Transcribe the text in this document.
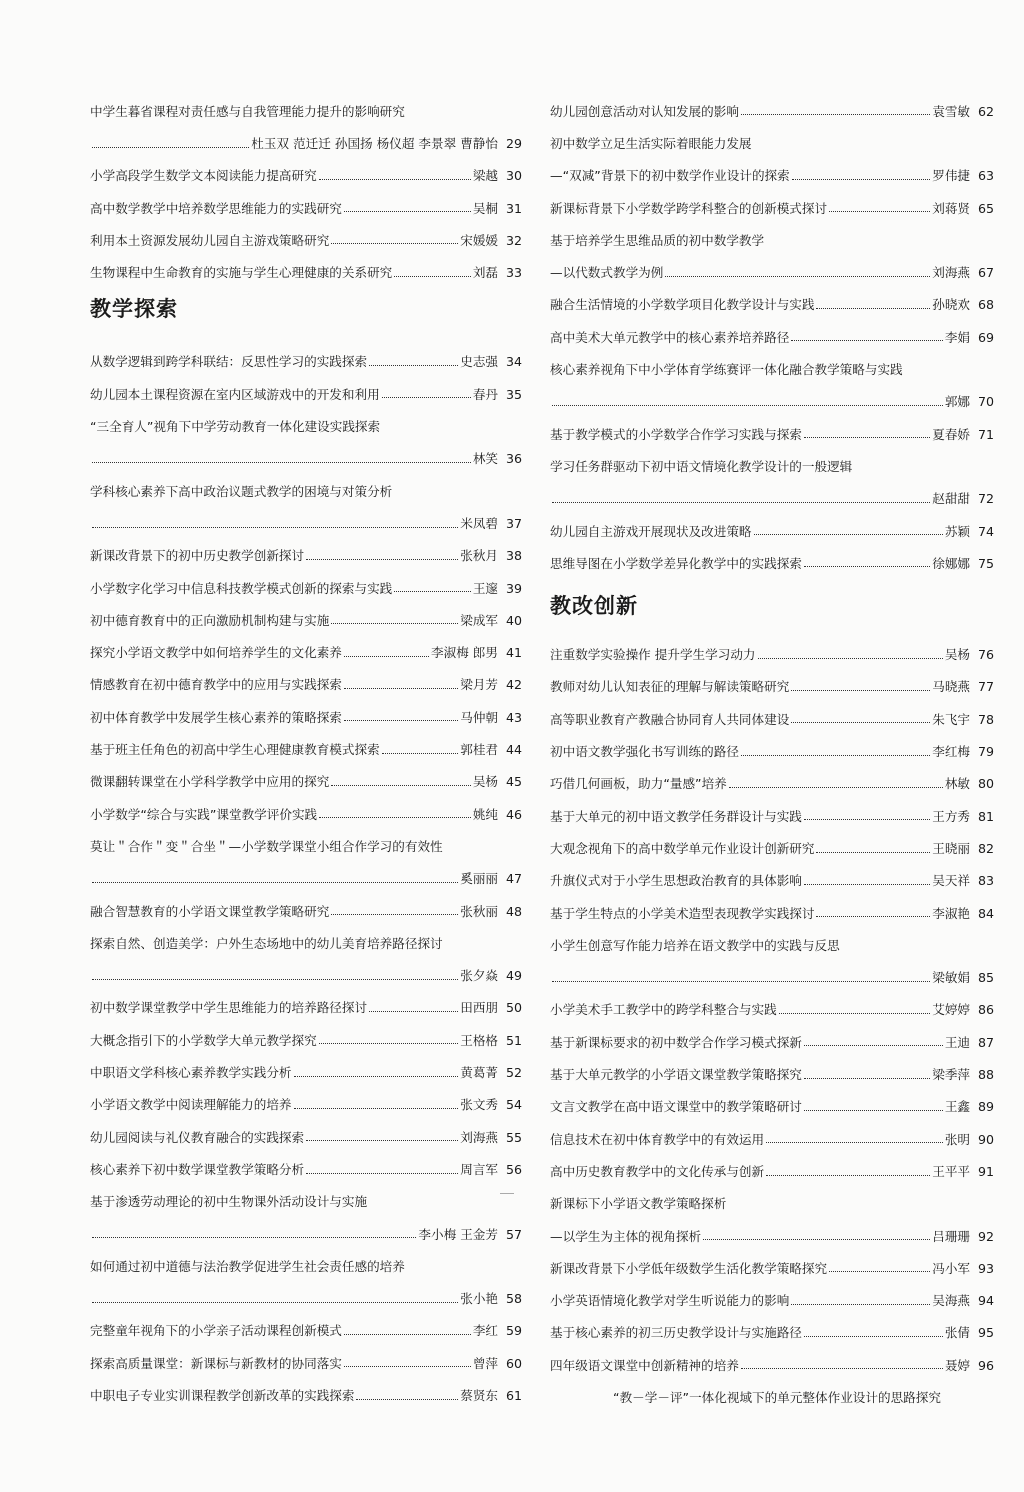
中学生暮省课程对责任感与自我管理能力提升的影响研究
杜玉双 范迁迁 孙国扬 杨仪超 李景翠 曹静怡 29
小学高段学生数学文本阅读能力提高研究	梁越 30
高中数学教学中培养数学思维能力的实践研究	吴桐 31
利用本土资源发展幼儿园自主游戏策略研究	宋媛媛 32
生物课程中生命教育的实施与学生心理健康的关系研究	刘磊 33
教学探索
从数学逻辑到跨学科联结：反思性学习的实践探索	史志强 34
幼儿园本土课程资源在室内区域游戏中的开发和利用	春丹 35
“三全育人”视角下中学劳动教育一体化建设实践探索
林笑 36
学科核心素养下高中政治议题式教学的困境与对策分析
米凤碧 37
新课改背景下的初中历史教学创新探讨	张秋月 38
小学数字化学习中信息科技教学模式创新的探索与实践	王邃 39
初中德育教育中的正向激励机制构建与实施	梁成军 40
探究小学语文教学中如何培养学生的文化素养	李淑梅 郎男 41
情感教育在初中德育教学中的应用与实践探索	梁月芳 42
初中体育教学中发展学生核心素养的策略探索	马仲朝 43
基于班主任角色的初高中学生心理健康教育模式探索	郭桂君 44
微课翻转课堂在小学科学教学中应用的探究	吴杨 45
小学数学“综合与实践”课堂教学评价实践	姚纯 46
莫让＂合作＂变＂合坐＂—小学数学课堂小组合作学习的有效性
奚丽丽 47
融合智慧教育的小学语文课堂教学策略研究	张秋丽 48
探索自然、创造美学：户外生态场地中的幼儿美育培养路径探讨
张夕焱 49
初中数学课堂教学中学生思维能力的培养路径探讨	田西朋 50
大概念指引下的小学数学大单元教学探究	王格格 51
中职语文学科核心素养教学实践分析	黄葛菁 52
小学语文教学中阅读理解能力的培养	张文秀 54
幼儿园阅读与礼仪教育融合的实践探索	刘海燕 55
核心素养下初中数学课堂教学策略分析	周言军 56
基于渗透劳动理论的初中生物课外活动设计与实施
李小梅 王金芳 57
如何通过初中道德与法治教学促进学生社会责任感的培养
张小艳 58
完整童年视角下的小学亲子活动课程创新模式	李红 59
探索高质量课堂：新课标与新教材的协同落实	曾萍 60
中职电子专业实训课程教学创新改革的实践探索	蔡贤东 61
幼儿园创意活动对认知发展的影响	袁雪敏 62
初中数学立足生活实际着眼能力发展
—“双减”背景下的初中数学作业设计的探索	罗伟捷 63
新课标背景下小学数学跨学科整合的创新模式探讨	刘蒋贤 65
基于培养学生思维品质的初中数学教学
—以代数式教学为例	刘海燕 67
融合生活情境的小学数学项目化教学设计与实践	孙晓欢 68
高中美术大单元教学中的核心素养培养路径	李娟 69
核心素养视角下中小学体育学练赛评一体化融合教学策略与实践
郭娜 70
基于教学模式的小学数学合作学习实践与探索	夏春娇 71
学习任务群驱动下初中语文情境化教学设计的一般逻辑
赵甜甜 72
幼儿园自主游戏开展现状及改进策略	苏颖 74
思维导图在小学数学差异化教学中的实践探索	徐娜娜 75
教改创新
注重数学实验操作 提升学生学习动力	吴杨 76
教师对幼儿认知表征的理解与解读策略研究	马晓燕 77
高等职业教育产教融合协同育人共同体建设	朱飞宇 78
初中语文教学强化书写训练的路径	李红梅 79
巧借几何画板，助力“量感”培养	林敏 80
基于大单元的初中语文教学任务群设计与实践	王方秀 81
大观念视角下的高中数学单元作业设计创新研究	王晓丽 82
升旗仪式对于小学生思想政治教育的具体影响	吴天祥 83
基于学生特点的小学美术造型表现教学实践探讨	李淑艳 84
小学生创意写作能力培养在语文教学中的实践与反思
梁敏娟 85
小学美术手工教学中的跨学科整合与实践	艾婷婷 86
基于新课标要求的初中数学合作学习模式探新	王迪 87
基于大单元教学的小学语文课堂教学策略探究	梁季萍 88
文言文教学在高中语文课堂中的教学策略研讨	王鑫 89
信息技术在初中体育教学中的有效运用	张明 90
高中历史教育教学中的文化传承与创新	王平平 91
新课标下小学语文教学策略探析
—以学生为主体的视角探析	吕珊珊 92
新课改背景下小学低年级数学生活化教学策略探究	冯小军 93
小学英语情境化教学对学生听说能力的影响	吴海燕 94
基于核心素养的初三历史教学设计与实施路径	张倩 95
四年级语文课堂中创新精神的培养	聂婷 96
“教－学－评”一体化视域下的单元整体作业设计的思路探究
